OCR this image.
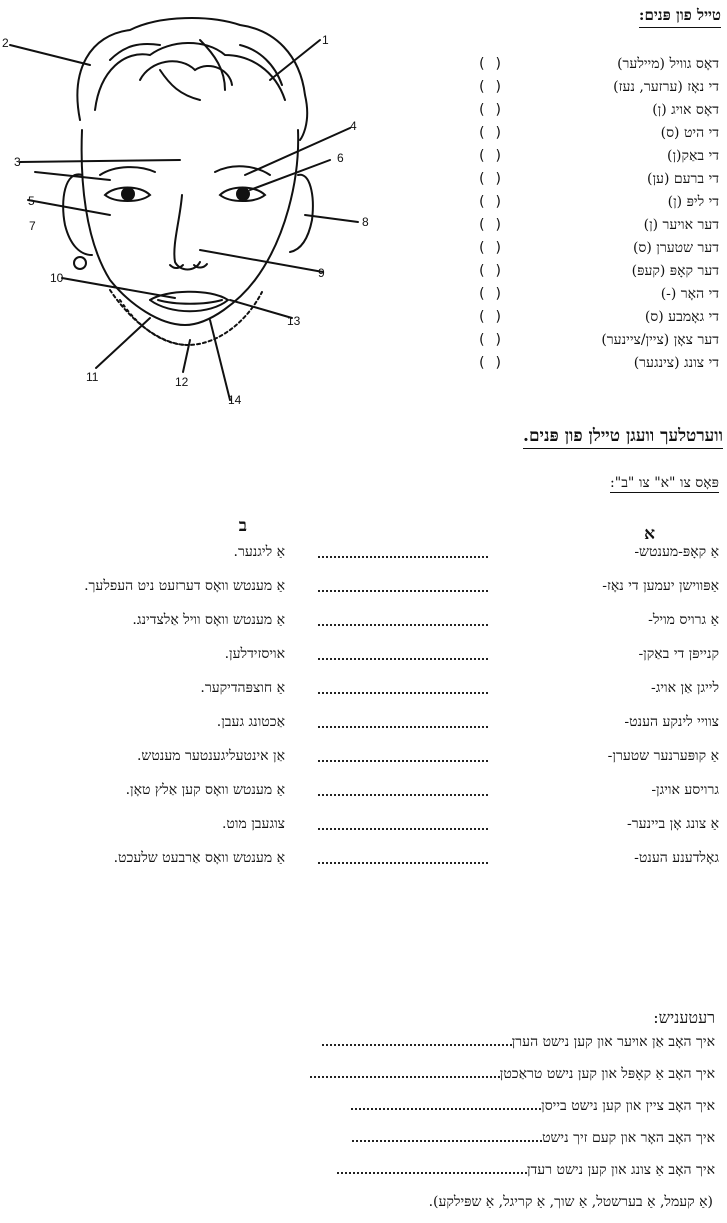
1
2
3
4
5
6
7	8
9
10
11	12
13
14
טייל פון פּנים:
דאָס גוויל (מיילער)
( )
די נאָז (ערזער, נעז)
( )
דאָס אויג (ן)
( )
די היט (ס)
( )
די באַק(ן)
( )
די ברעם (ען)
( )
די ליפּ (ן)
( )
דער אויער (ן)
( )
דער שטערן (ס)
( )
דער קאָפּ (קעפּ)
( )
די האָר (-)
( )
די גאָמבע (ס)
( )
דער צאָן (ציין/ציינער)
( )
די צונג (צינגער)
( )
ווערטלעך וועגן טיילן פון פּנים.
פּאָס צו "א" צו "ב":
א
ב
אַ קאָפּ-מענטש-
אַ ליגנער.
אַפּווישן יעמען די נאָז-
אַ מענטש וואָס דערזעט ניט העפלעך.
אַ גרויס מויל-
אַ מענטש וואָס וויל אַלצדינג.
קנייפּן די באַקן-
אויסזידלען.
לייגן אַן אויג-
אַ חוצפּהדיקער.
צוויי לינקע הענט-
אַכטונג געבן.
אַ קופּערנער שטערן-
אַן אינטעליגענטער מענטש.
גרויסע אויגן-
אַ מענטש וואָס קען אַלץ טאָן.
אַ צונג אָן ביינער-
צוגעבן מוט.
גאָלדענע הענט-
אַ מענטש וואָס אַרבעט שלעכט.
רעטעניש:
איך האָב אַן אויער און קען נישט הערן
איך האָב אַ קאָפּל און קען נישט טראַכטן
איך האָב ציין און קען נישט בייסן
איך האָב האָר און קעם זיך נישט
איך האָב אַ צונג און קען נישט רעדן
(אַ קעמל, אַ בערשטל, אַ שוך, אַ קריגל, אַ שפּילקע).
